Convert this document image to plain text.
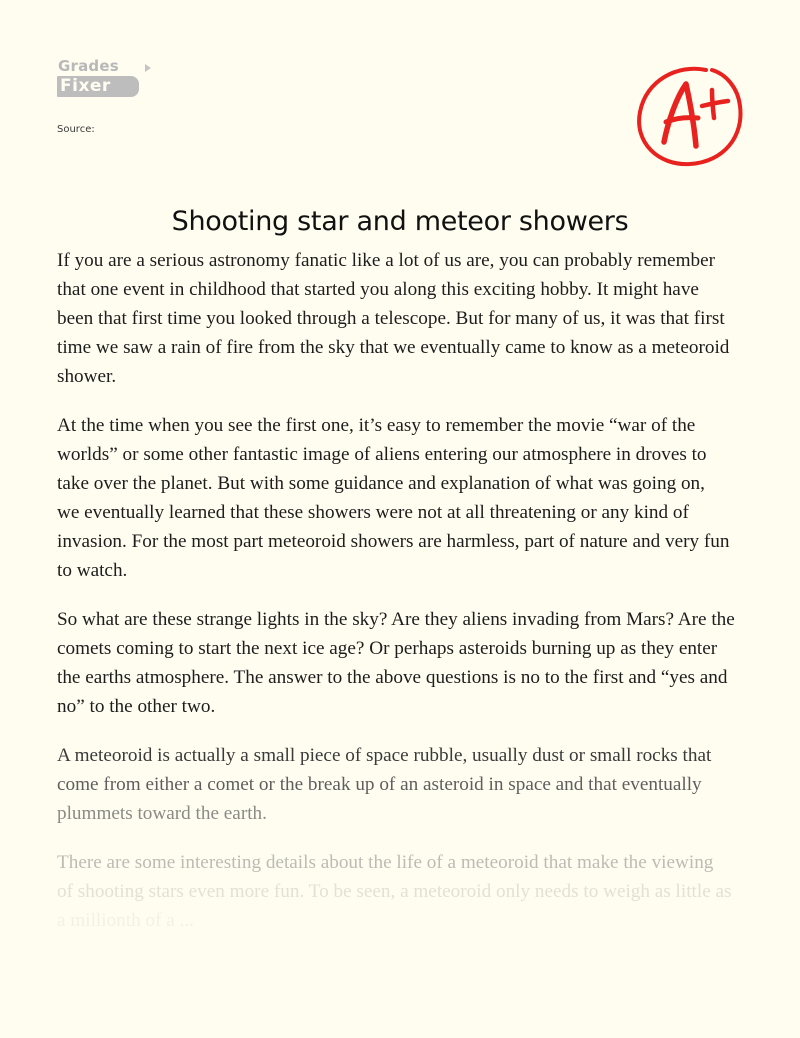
Grades
Fixer
Source:
Shooting star and meteor showers

If you are a serious astronomy fanatic like a lot of us are, you can probably remember
that one event in childhood that started you along this exciting hobby. It might have
been that first time you looked through a telescope. But for many of us, it was that first
time we saw a rain of fire from the sky that we eventually came to know as a meteoroid
shower.

At the time when you see the first one, it’s easy to remember the movie “war of the
worlds” or some other fantastic image of aliens entering our atmosphere in droves to
take over the planet. But with some guidance and explanation of what was going on,
we eventually learned that these showers were not at all threatening or any kind of
invasion. For the most part meteoroid showers are harmless, part of nature and very fun
to watch.

So what are these strange lights in the sky? Are they aliens invading from Mars? Are the
comets coming to start the next ice age? Or perhaps asteroids burning up as they enter
the earths atmosphere. The answer to the above questions is no to the first and “yes and
no” to the other two.

A meteoroid is actually a small piece of space rubble, usually dust or small rocks that
come from either a comet or the break up of an asteroid in space and that eventually
plummets toward the earth.

There are some interesting details about the life of a meteoroid that make the viewing
of shooting stars even more fun. To be seen, a meteoroid only needs to weigh as little as
a millionth of a ...
